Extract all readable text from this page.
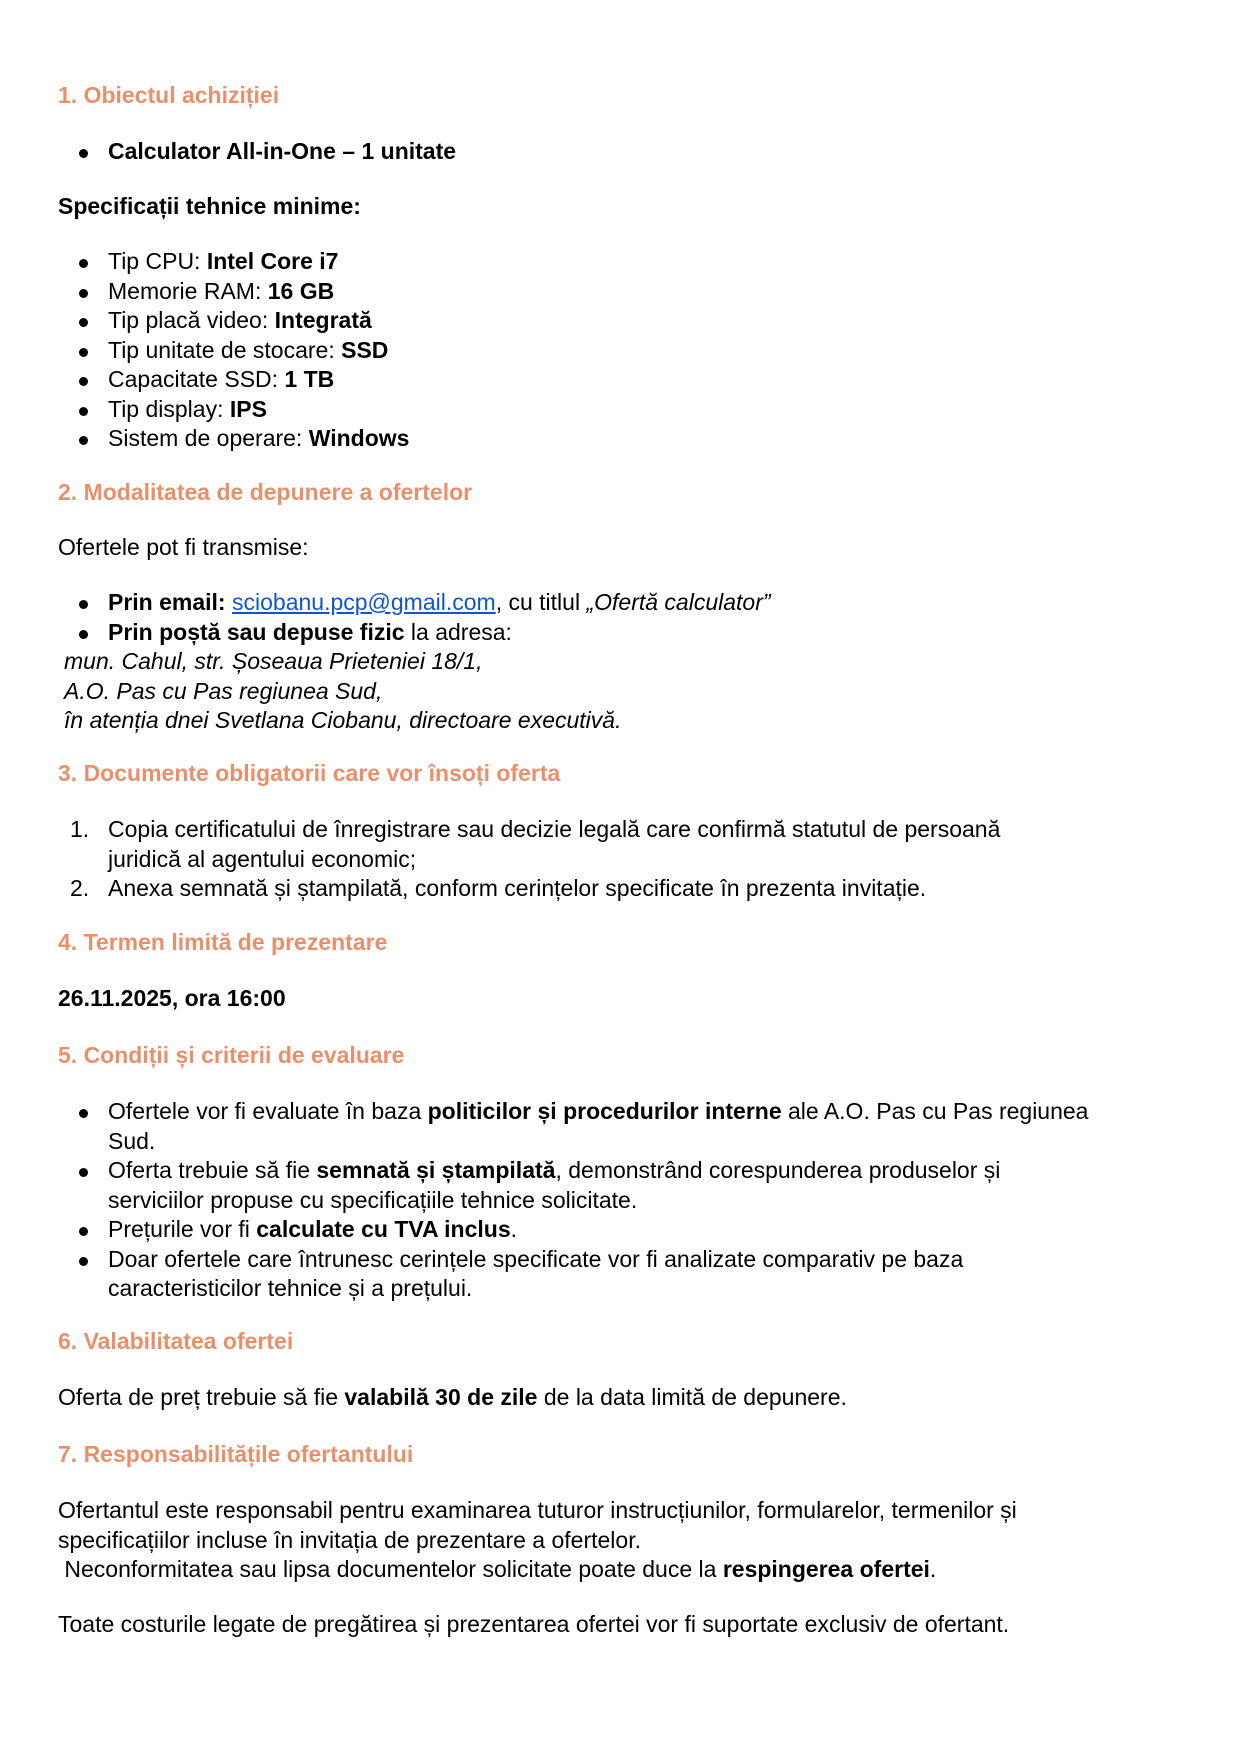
1. Obiectul achiziției
Calculator All-in-One – 1 unitate
Specificații tehnice minime:
Tip CPU: Intel Core i7
Memorie RAM: 16 GB
Tip placă video: Integrată
Tip unitate de stocare: SSD
Capacitate SSD: 1 TB
Tip display: IPS
Sistem de operare: Windows
2. Modalitatea de depunere a ofertelor
Ofertele pot fi transmise:
Prin email: sciobanu.pcp@gmail.com, cu titlul „Ofertă calculator”
Prin poștă sau depuse fizic la adresa:
mun. Cahul, str. Șoseaua Prieteniei 18/1,
A.O. Pas cu Pas regiunea Sud,
în atenția dnei Svetlana Ciobanu, directoare executivă.
3. Documente obligatorii care vor însoți oferta
1. Copia certificatului de înregistrare sau decizie legală care confirmă statutul de persoană
juridică al agentului economic;
2. Anexa semnată și ștampilată, conform cerințelor specificate în prezenta invitație.
4. Termen limită de prezentare
26.11.2025, ora 16:00
5. Condiții și criterii de evaluare
Ofertele vor fi evaluate în baza politicilor și procedurilor interne ale A.O. Pas cu Pas regiunea
Sud.
Oferta trebuie să fie semnată și ștampilată, demonstrând corespunderea produselor și
serviciilor propuse cu specificațiile tehnice solicitate.
Prețurile vor fi calculate cu TVA inclus.
Doar ofertele care întrunesc cerințele specificate vor fi analizate comparativ pe baza
caracteristicilor tehnice și a prețului.
6. Valabilitatea ofertei
Oferta de preț trebuie să fie valabilă 30 de zile de la data limită de depunere.
7. Responsabilitățile ofertantului
Ofertantul este responsabil pentru examinarea tuturor instrucțiunilor, formularelor, termenilor și
specificațiilor incluse în invitația de prezentare a ofertelor.
Neconformitatea sau lipsa documentelor solicitate poate duce la respingerea ofertei.
Toate costurile legate de pregătirea și prezentarea ofertei vor fi suportate exclusiv de ofertant.
